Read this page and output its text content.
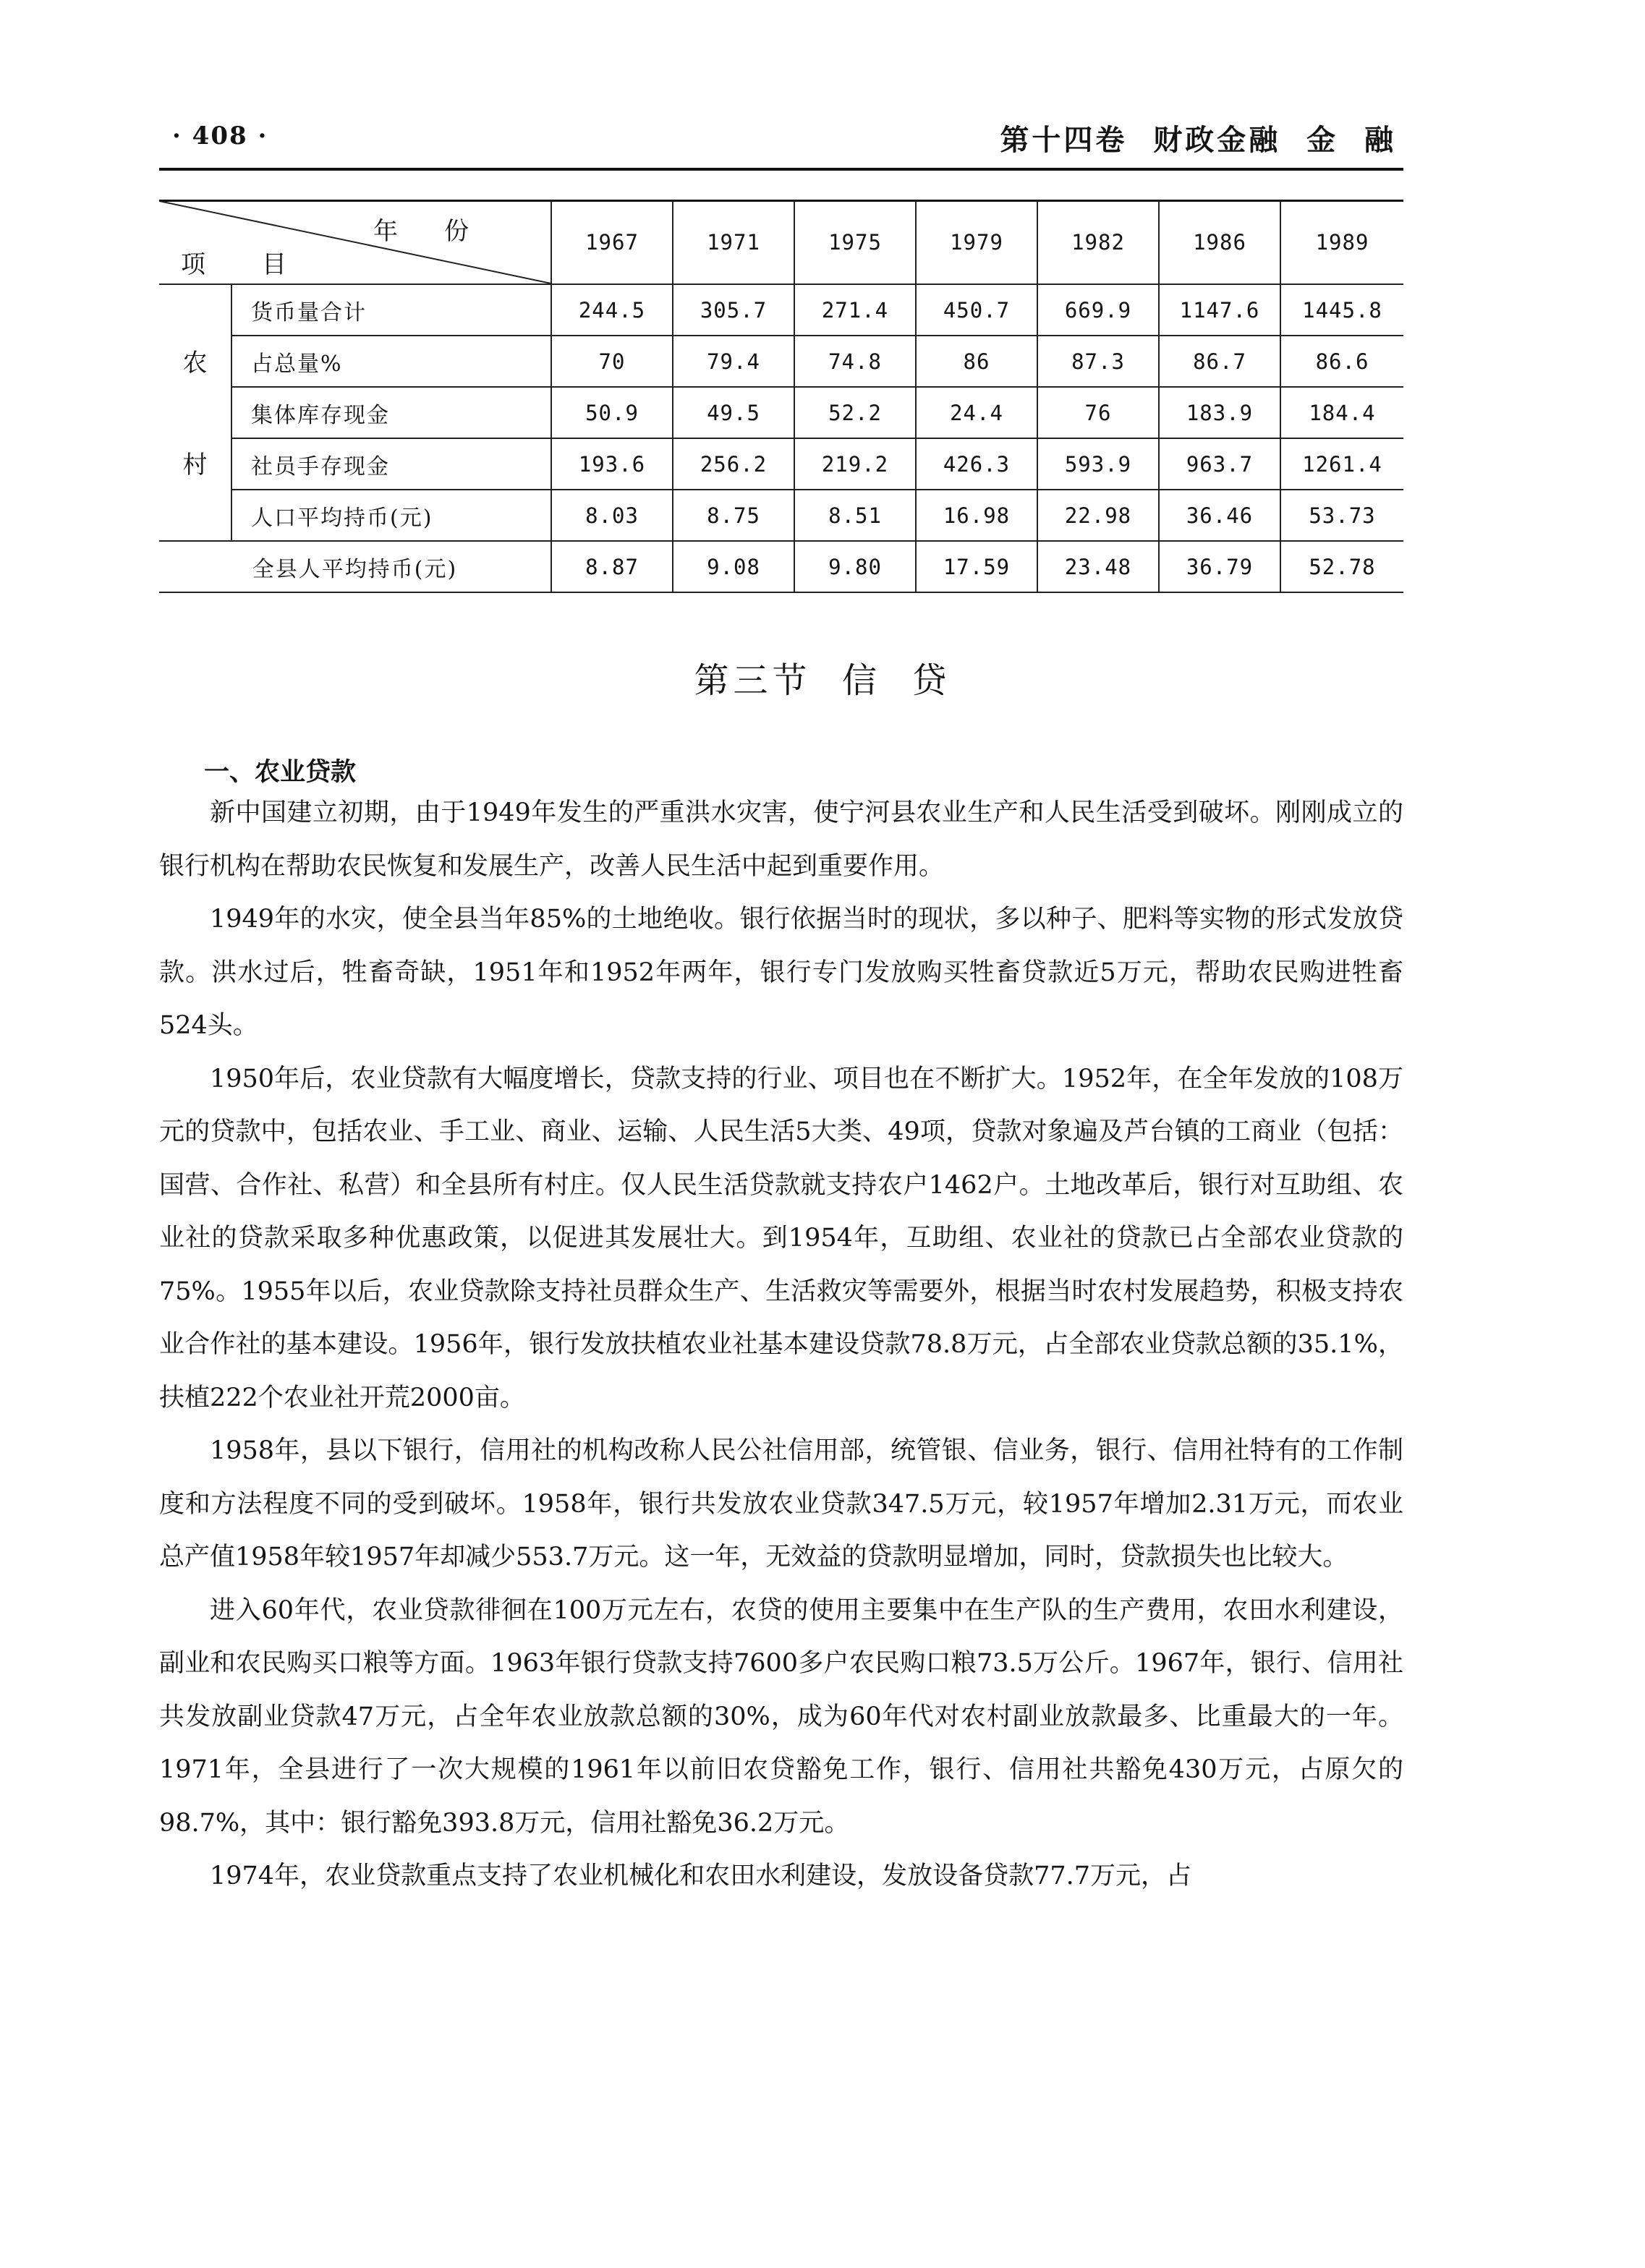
· 408 ·	第十四卷  财政金融  金  融
年份
项目		1967	1971	1975	1979	1982	1986	1989

农
村	货币量合计	244.5	305.7	271.4	450.7	669.9	1147.6	1445.8
	占总量%	70	79.4	74.8	86	87.3	86.7	86.6
	集体库存现金	50.9	49.5	52.2	24.4	76	183.9	184.4
	社员手存现金	193.6	256.2	219.2	426.3	593.9	963.7	1261.4
	人口平均持币(元)	8.03	8.75	8.51	16.98	22.98	36.46	53.73
全县人平均持币(元)		8.87	9.08	9.80	17.59	23.48	36.79	52.78
第三节  信  贷
一、农业贷款

新中国建立初期，由于1949年发生的严重洪水灾害，使宁河县农业生产和人民生活受到破坏。刚刚成立的银行机构在帮助农民恢复和发展生产，改善人民生活中起到重要作用。

1949年的水灾，使全县当年85%的土地绝收。银行依据当时的现状，多以种子、肥料等实物的形式发放贷款。洪水过后，牲畜奇缺，1951年和1952年两年，银行专门发放购买牲畜贷款近5万元，帮助农民购进牲畜524头。

1950年后，农业贷款有大幅度增长，贷款支持的行业、项目也在不断扩大。1952年，在全年发放的108万元的贷款中，包括农业、手工业、商业、运输、人民生活5大类、49项，贷款对象遍及芦台镇的工商业（包括：国营、合作社、私营）和全县所有村庄。仅人民生活贷款就支持农户1462户。土地改革后，银行对互助组、农业社的贷款采取多种优惠政策，以促进其发展壮大。到1954年，互助组、农业社的贷款已占全部农业贷款的75%。1955年以后，农业贷款除支持社员群众生产、生活救灾等需要外，根据当时农村发展趋势，积极支持农业合作社的基本建设。1956年，银行发放扶植农业社基本建设贷款78.8万元，占全部农业贷款总额的35.1%，扶植222个农业社开荒2000亩。

1958年，县以下银行，信用社的机构改称人民公社信用部，统管银、信业务，银行、信用社特有的工作制度和方法程度不同的受到破坏。1958年，银行共发放农业贷款347.5万元，较1957年增加2.31万元，而农业总产值1958年较1957年却减少553.7万元。这一年，无效益的贷款明显增加，同时，贷款损失也比较大。

进入60年代，农业贷款徘徊在100万元左右，农贷的使用主要集中在生产队的生产费用，农田水利建设，副业和农民购买口粮等方面。1963年银行贷款支持7600多户农民购口粮73.5万公斤。1967年，银行、信用社共发放副业贷款47万元，占全年农业放款总额的30%，成为60年代对农村副业放款最多、比重最大的一年。1971年，全县进行了一次大规模的1961年以前旧农贷豁免工作，银行、信用社共豁免430万元，占原欠的98.7%，其中：银行豁免393.8万元，信用社豁免36.2万元。

1974年，农业贷款重点支持了农业机械化和农田水利建设，发放设备贷款77.7万元，占
